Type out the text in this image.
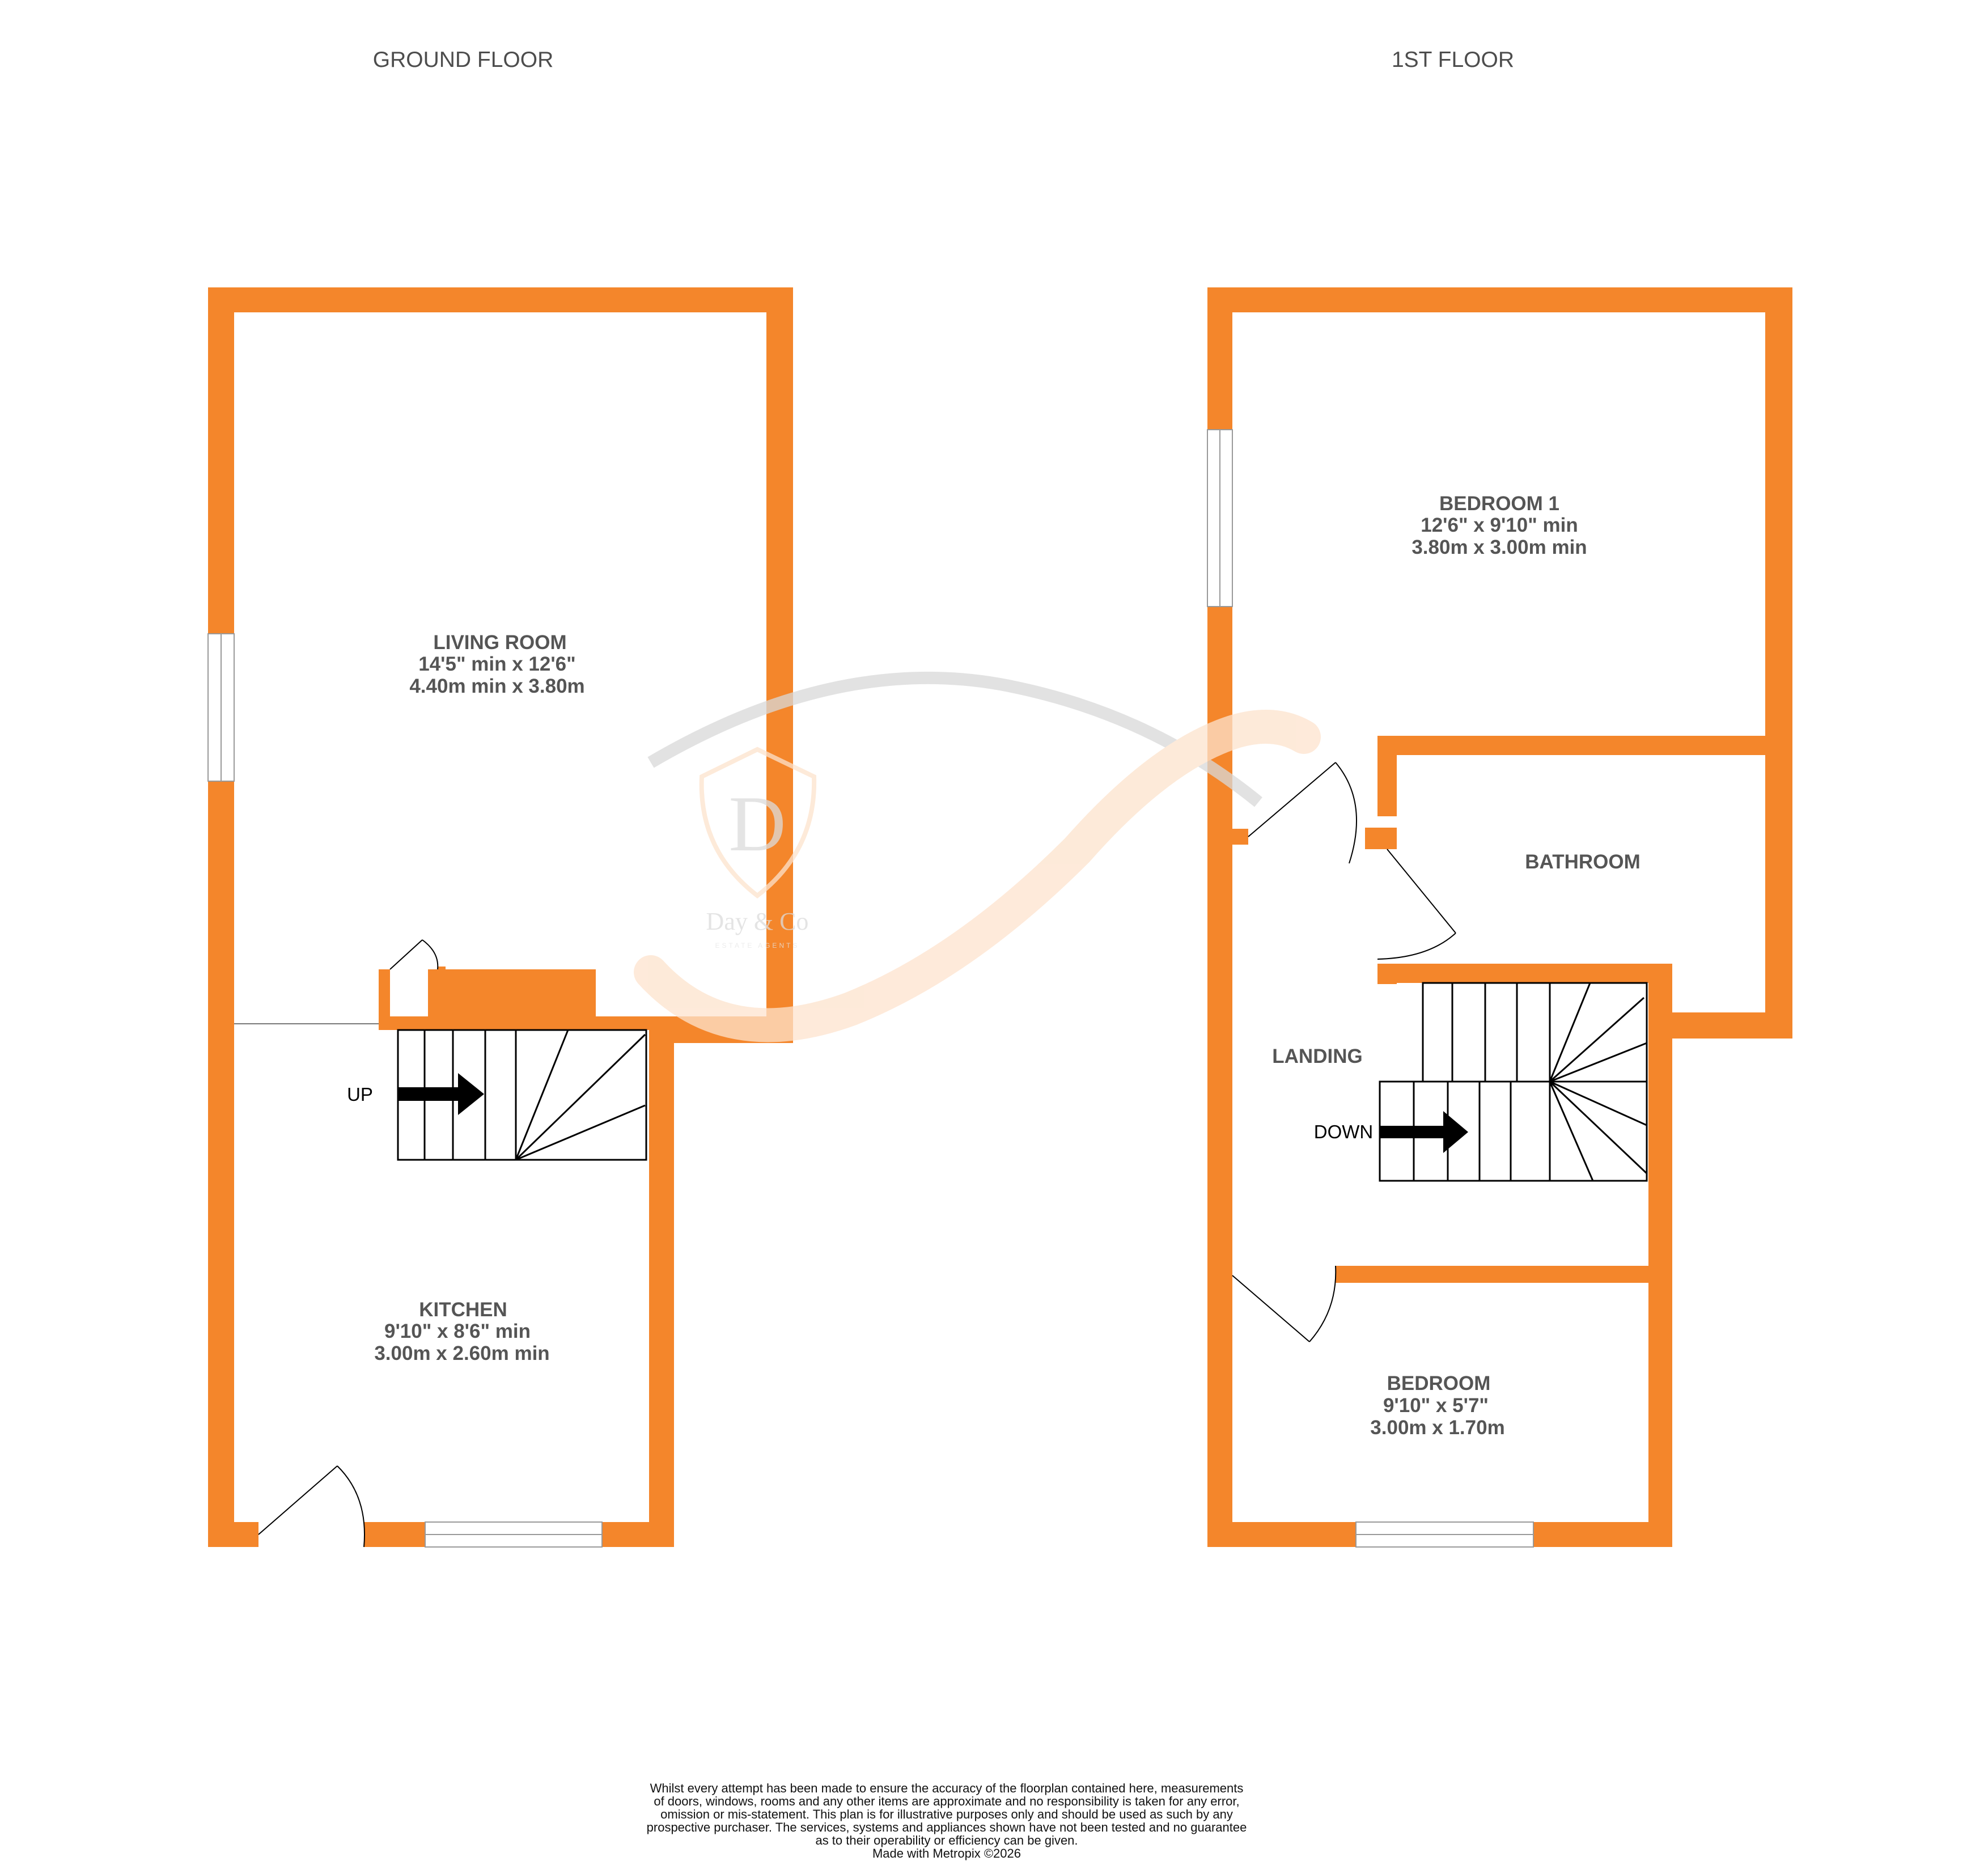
GROUND FLOOR	1ST FLOOR
UP
LIVING ROOM
14'5" min x 12'6"
4.40m min x 3.80m
KITCHEN
9'10" x 8'6" min
3.00m x 2.60m min
DOWN
BEDROOM 1
12'6" x 9'10" min
3.80m x 3.00m min
BATHROOM
LANDING
BEDROOM
9'10" x 5'7"
3.00m x 1.70m
D
Day & Co
ESTATE AGENTS
Whilst every attempt has been made to ensure the accuracy of the floorplan contained here, measurements
of doors, windows, rooms and any other items are approximate and no responsibility is taken for any error,
omission or mis-statement. This plan is for illustrative purposes only and should be used as such by any
prospective purchaser. The services, systems and appliances shown have not been tested and no guarantee
as to their operability or efficiency can be given.
Made with Metropix ©2026
